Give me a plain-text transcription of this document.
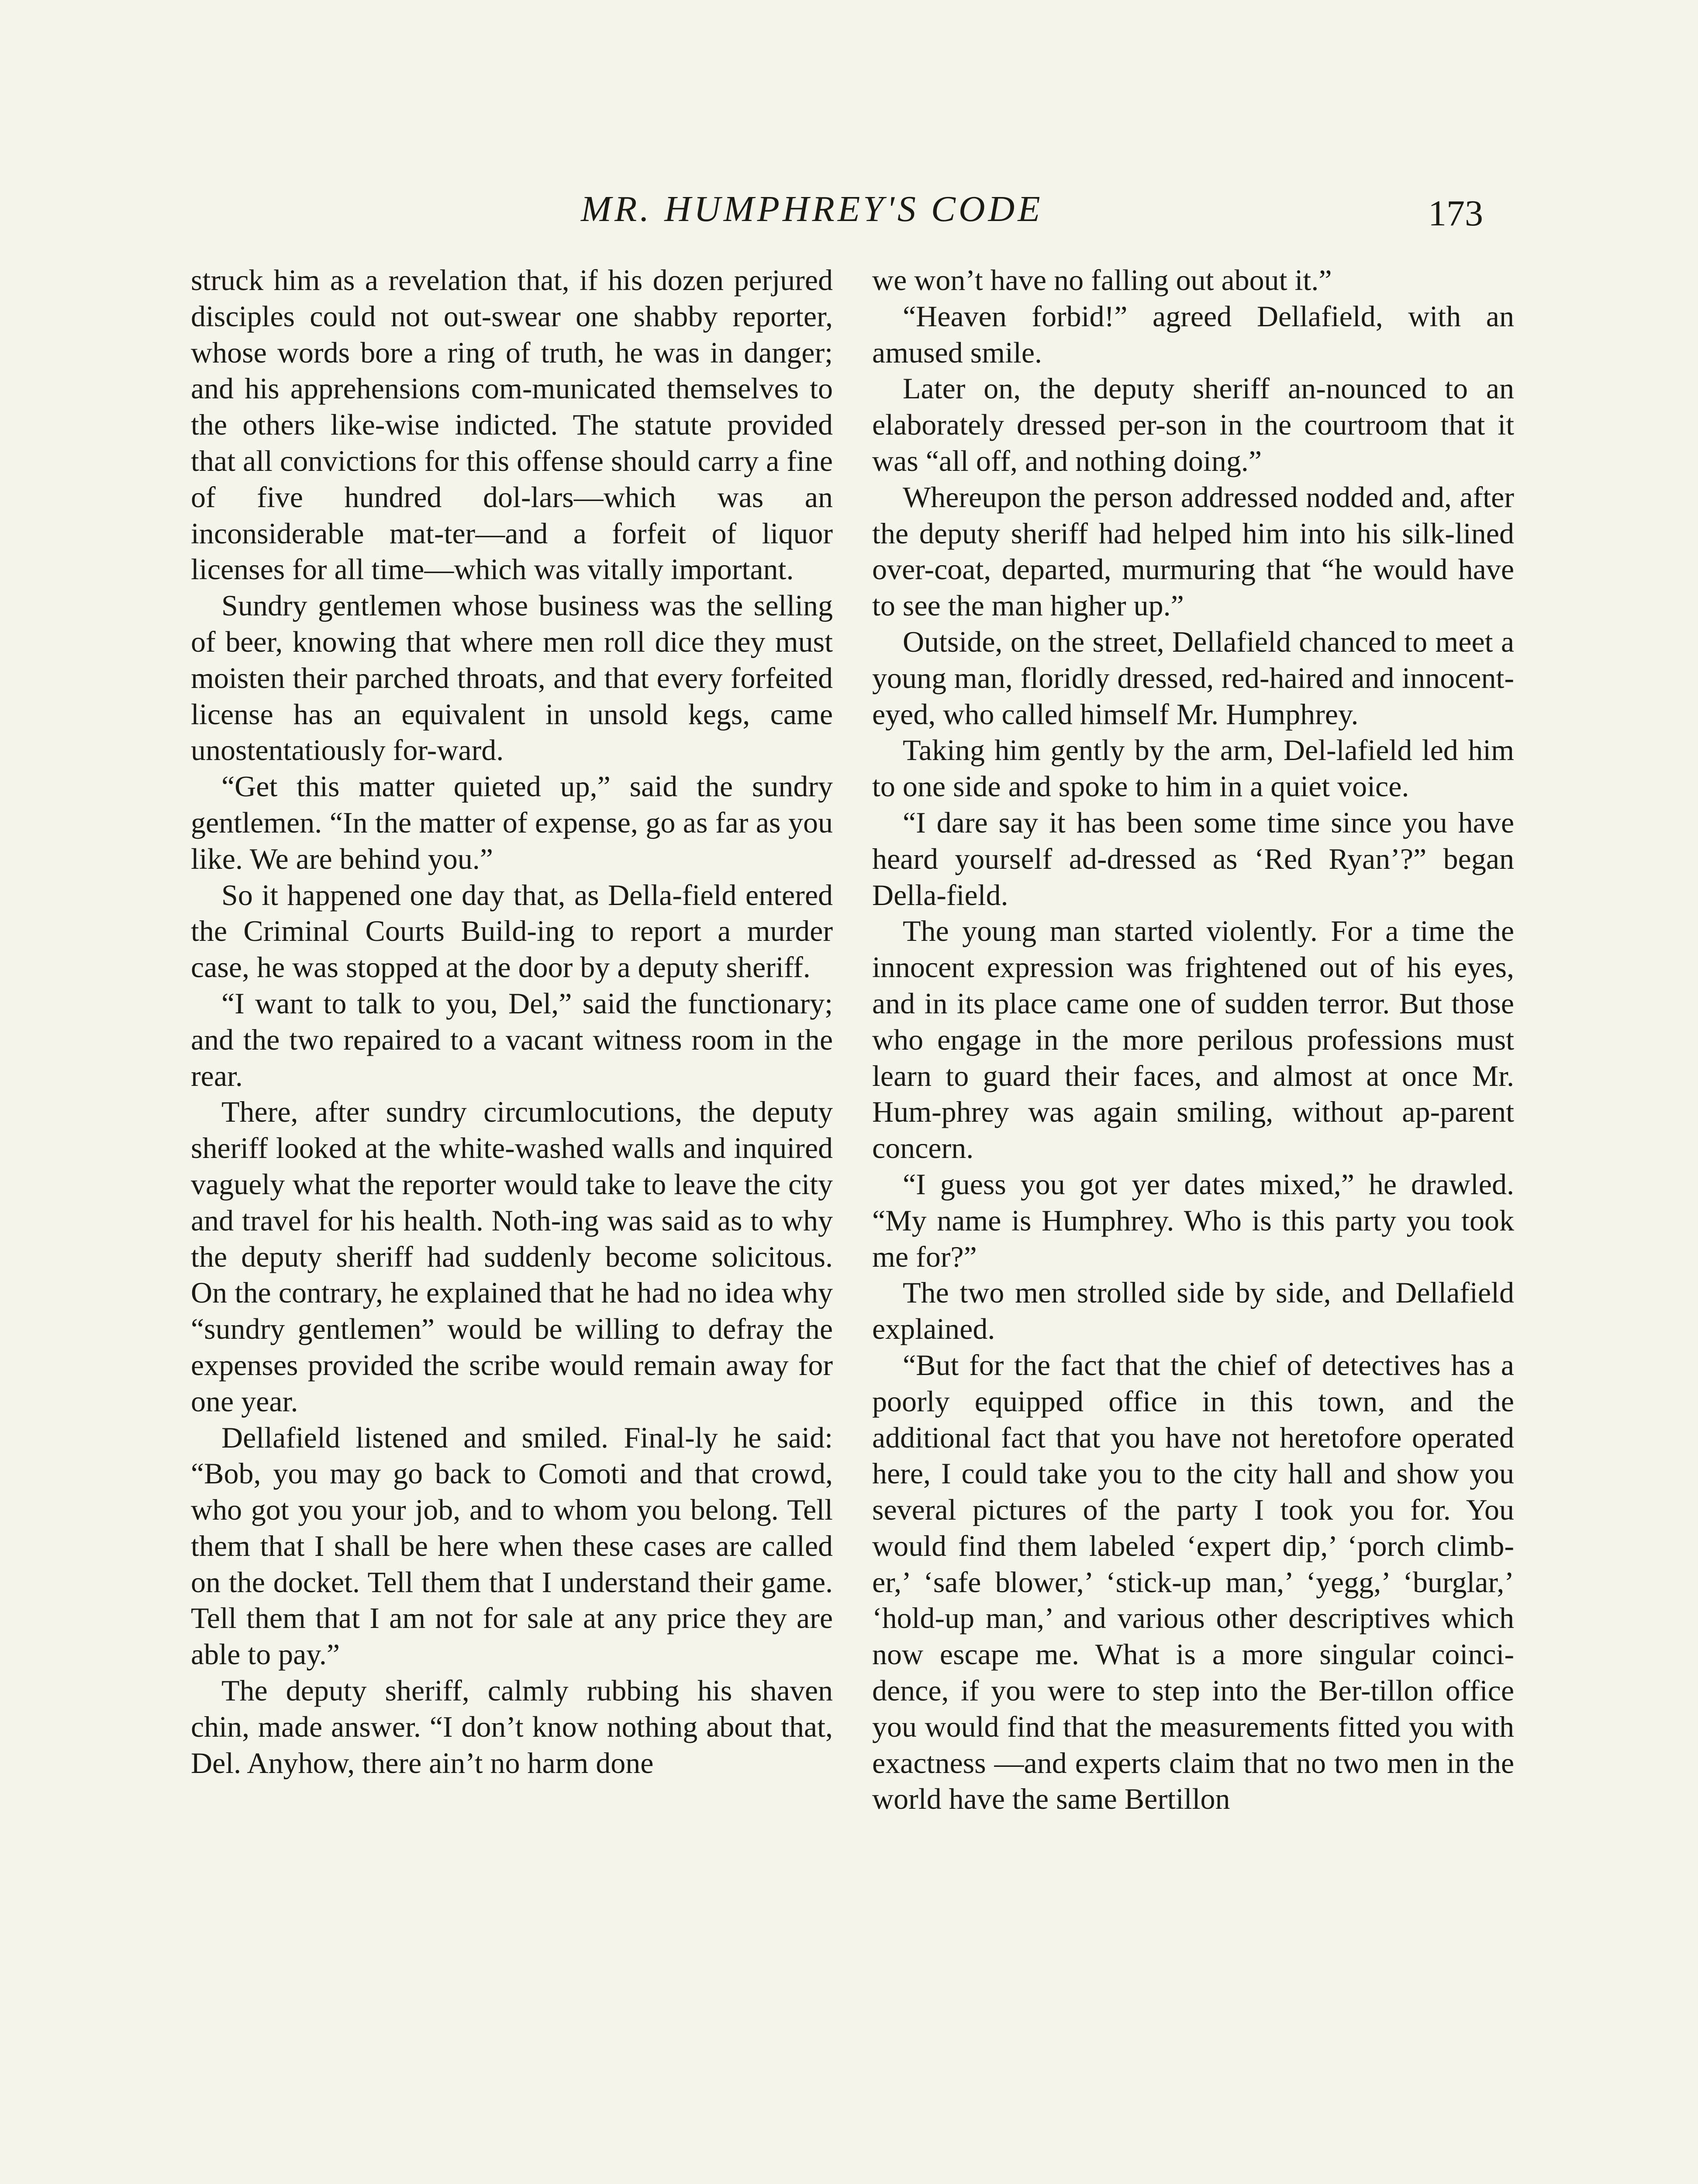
MR. HUMPHREY'S CODE	173

struck him as a revelation that, if his dozen perjured disciples could not out-swear one shabby reporter, whose words bore a ring of truth, he was in danger; and his apprehensions com-municated themselves to the others like-wise indicted. The statute provided that all convictions for this offense should carry a fine of five hundred dol-lars—which was an inconsiderable mat-ter—and a forfeit of liquor licenses for all time—which was vitally important.

Sundry gentlemen whose business was the selling of beer, knowing that where men roll dice they must moisten their parched throats, and that every forfeited license has an equivalent in unsold kegs, came unostentatiously for-ward.

“Get this matter quieted up,” said the sundry gentlemen. “In the matter of expense, go as far as you like. We are behind you.”

So it happened one day that, as Della-field entered the Criminal Courts Build-ing to report a murder case, he was stopped at the door by a deputy sheriff.

“I want to talk to you, Del,” said the functionary; and the two repaired to a vacant witness room in the rear.

There, after sundry circumlocutions, the deputy sheriff looked at the white-washed walls and inquired vaguely what the reporter would take to leave the city and travel for his health. Noth-ing was said as to why the deputy sheriff had suddenly become solicitous. On the contrary, he explained that he had no idea why “sundry gentlemen” would be willing to defray the expenses provided the scribe would remain away for one year.

Dellafield listened and smiled. Final-ly he said: “Bob, you may go back to Comoti and that crowd, who got you your job, and to whom you belong. Tell them that I shall be here when these cases are called on the docket. Tell them that I understand their game. Tell them that I am not for sale at any price they are able to pay.”

The deputy sheriff, calmly rubbing his shaven chin, made answer. “I don’t know nothing about that, Del. Anyhow, there ain’t no harm done

we won’t have no falling out about it.”

“Heaven forbid!” agreed Dellafield, with an amused smile.

Later on, the deputy sheriff an-nounced to an elaborately dressed per-son in the courtroom that it was “all off, and nothing doing.”

Whereupon the person addressed nodded and, after the deputy sheriff had helped him into his silk-lined over-coat, departed, murmuring that “he would have to see the man higher up.”

Outside, on the street, Dellafield chanced to meet a young man, floridly dressed, red-haired and innocent-eyed, who called himself Mr. Humphrey.

Taking him gently by the arm, Del-lafield led him to one side and spoke to him in a quiet voice.

“I dare say it has been some time since you have heard yourself ad-dressed as ‘Red Ryan’?” began Della-field.

The young man started violently. For a time the innocent expression was frightened out of his eyes, and in its place came one of sudden terror. But those who engage in the more perilous professions must learn to guard their faces, and almost at once Mr. Hum-phrey was again smiling, without ap-parent concern.

“I guess you got yer dates mixed,” he drawled. “My name is Humphrey. Who is this party you took me for?”

The two men strolled side by side, and Dellafield explained.

“But for the fact that the chief of detectives has a poorly equipped office in this town, and the additional fact that you have not heretofore operated here, I could take you to the city hall and show you several pictures of the party I took you for. You would find them labeled ‘expert dip,’ ‘porch climb-er,’ ‘safe blower,’ ‘stick-up man,’ ‘yegg,’ ‘burglar,’ ‘hold-up man,’ and various other descriptives which now escape me. What is a more singular coinci-dence, if you were to step into the Ber-tillon office you would find that the measurements fitted you with exactness —and experts claim that no two men in the world have the same Bertillon
